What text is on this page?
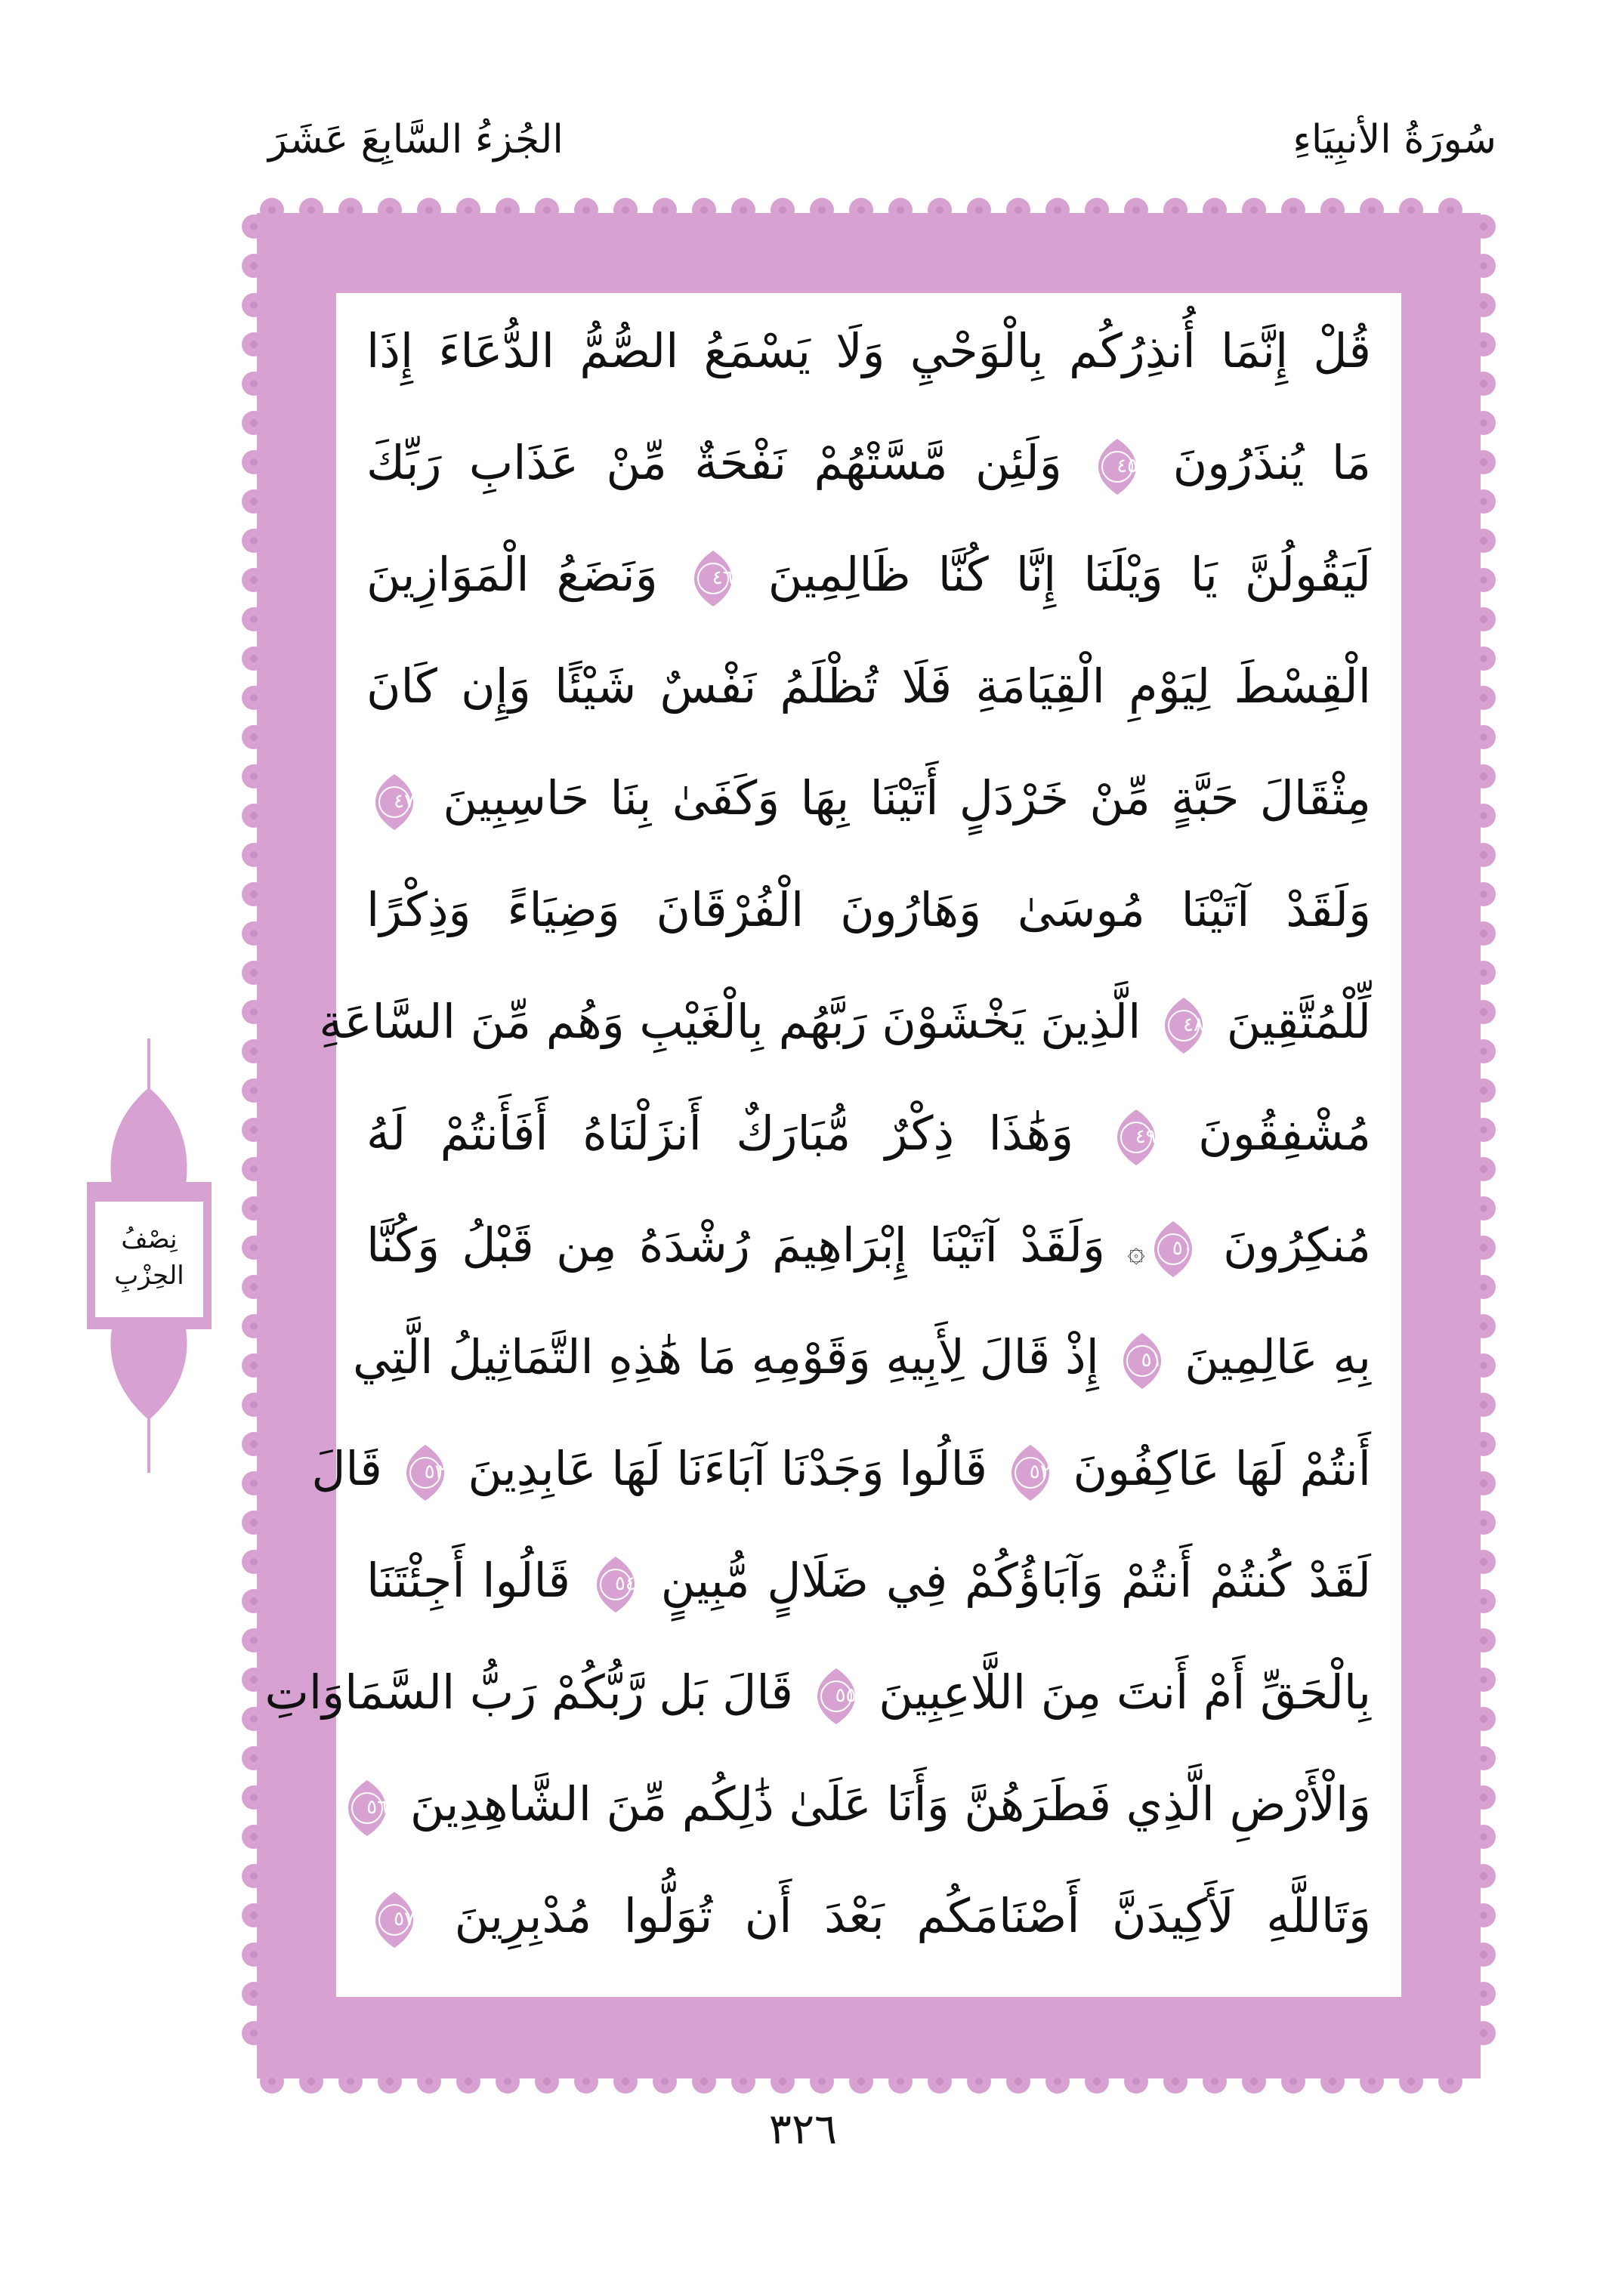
سُورَةُ الأنبِيَاءِ
الجُزءُ السَّابِعَ عَشَرَ
قُلْ إِنَّمَا أُنذِرُكُم بِالْوَحْيِ وَلَا يَسْمَعُ الصُّمُّ الدُّعَاءَ إِذَا
مَا يُنذَرُونَ
٤٥
وَلَئِن مَّسَّتْهُمْ نَفْحَةٌ مِّنْ عَذَابِ رَبِّكَ
لَيَقُولُنَّ يَا وَيْلَنَا إِنَّا كُنَّا ظَالِمِينَ
٤٦
وَنَضَعُ الْمَوَازِينَ
الْقِسْطَ لِيَوْمِ الْقِيَامَةِ فَلَا تُظْلَمُ نَفْسٌ شَيْئًا وَإِن كَانَ
مِثْقَالَ حَبَّةٍ مِّنْ خَرْدَلٍ أَتَيْنَا بِهَا وَكَفَىٰ بِنَا حَاسِبِينَ
٤٧
وَلَقَدْ آتَيْنَا مُوسَىٰ وَهَارُونَ الْفُرْقَانَ وَضِيَاءً وَذِكْرًا
لِّلْمُتَّقِينَ
٤٨
الَّذِينَ يَخْشَوْنَ رَبَّهُم بِالْغَيْبِ وَهُم مِّنَ السَّاعَةِ
مُشْفِقُونَ
٤٩
وَهَٰذَا ذِكْرٌ مُّبَارَكٌ أَنزَلْنَاهُ أَفَأَنتُمْ لَهُ
مُنكِرُونَ
٥٠
۞ وَلَقَدْ آتَيْنَا إِبْرَاهِيمَ رُشْدَهُ مِن قَبْلُ وَكُنَّا
بِهِ عَالِمِينَ
٥١
إِذْ قَالَ لِأَبِيهِ وَقَوْمِهِ مَا هَٰذِهِ التَّمَاثِيلُ الَّتِي
أَنتُمْ لَهَا عَاكِفُونَ
٥٢
قَالُوا وَجَدْنَا آبَاءَنَا لَهَا عَابِدِينَ
٥٣
قَالَ
لَقَدْ كُنتُمْ أَنتُمْ وَآبَاؤُكُمْ فِي ضَلَالٍ مُّبِينٍ
٥٤
قَالُوا أَجِئْتَنَا
بِالْحَقِّ أَمْ أَنتَ مِنَ اللَّاعِبِينَ
٥٥
قَالَ بَل رَّبُّكُمْ رَبُّ السَّمَاوَاتِ
وَالْأَرْضِ الَّذِي فَطَرَهُنَّ وَأَنَا عَلَىٰ ذَٰلِكُم مِّنَ الشَّاهِدِينَ
٥٦
وَتَاللَّهِ لَأَكِيدَنَّ أَصْنَامَكُم بَعْدَ أَن تُوَلُّوا مُدْبِرِينَ
٥٧
نِصْفُ
الحِزْبِ
٣٢٦
